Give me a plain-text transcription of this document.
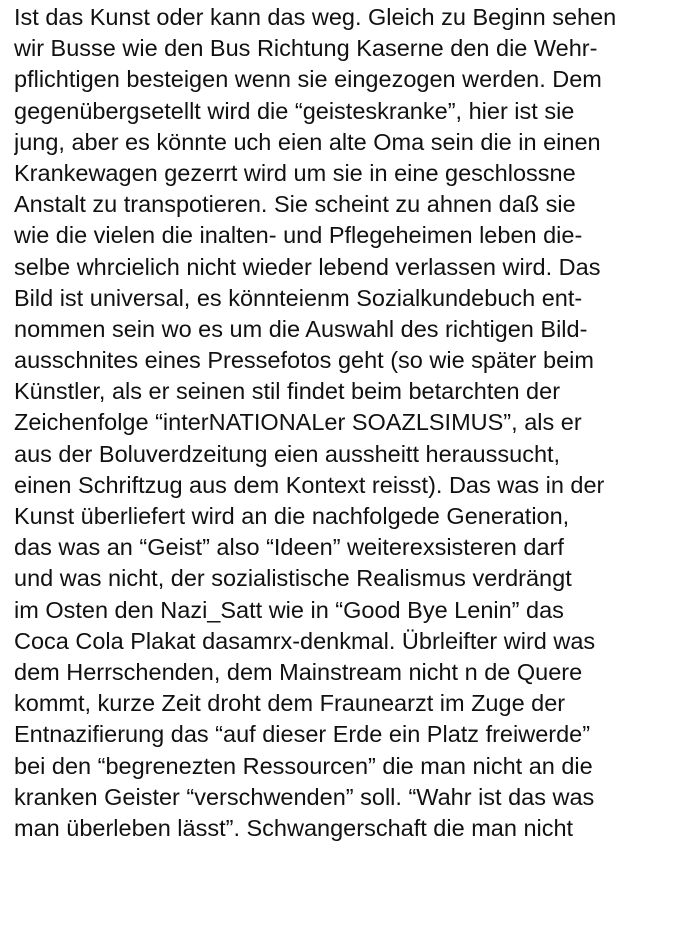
Ist das Kunst oder kann das weg. Gleich zu Beginn sehen
wir Busse wie den Bus Richtung Kaserne den die Wehr-
pflichtigen besteigen wenn sie eingezogen werden. Dem
gegenübergsetellt wird die “geisteskranke”, hier ist sie
jung, aber es könnte uch eien alte Oma sein die in einen
Krankewagen gezerrt wird um sie in eine geschlossne
Anstalt zu transpotieren. Sie scheint zu ahnen daß sie
wie die vielen die inalten- und Pflegeheimen leben die-
selbe whrcielich nicht wieder lebend verlassen wird. Das
Bild ist universal, es könnteienm Sozialkundebuch ent-
nommen sein wo es um die Auswahl des richtigen Bild-
ausschnites eines Pressefotos geht (so wie später beim
Künstler, als er seinen stil findet beim betarchten der
Zeichenfolge “interNATIONALer SOAZLSIMUS”, als er
aus der Boluverdzeitung eien aussheitt heraussucht,
einen Schriftzug aus dem Kontext reisst). Das was in der
Kunst überliefert wird an die nachfolgede Generation,
das was an “Geist” also “Ideen” weiterexsisteren darf
und was nicht, der sozialistische Realismus verdrängt
im Osten den Nazi_Satt wie in “Good Bye Lenin” das
Coca Cola Plakat dasamrx-denkmal. Übrleifter wird was
dem Herrschenden, dem Mainstream nicht n de Quere
kommt, kurze Zeit droht dem Fraunearzt im Zuge der
Entnazifierung das “auf dieser Erde ein Platz freiwerde”
bei den “begrenezten Ressourcen” die man nicht an die
kranken Geister “verschwenden” soll. “Wahr ist das was
man überleben lässt”. Schwangerschaft die man nicht
